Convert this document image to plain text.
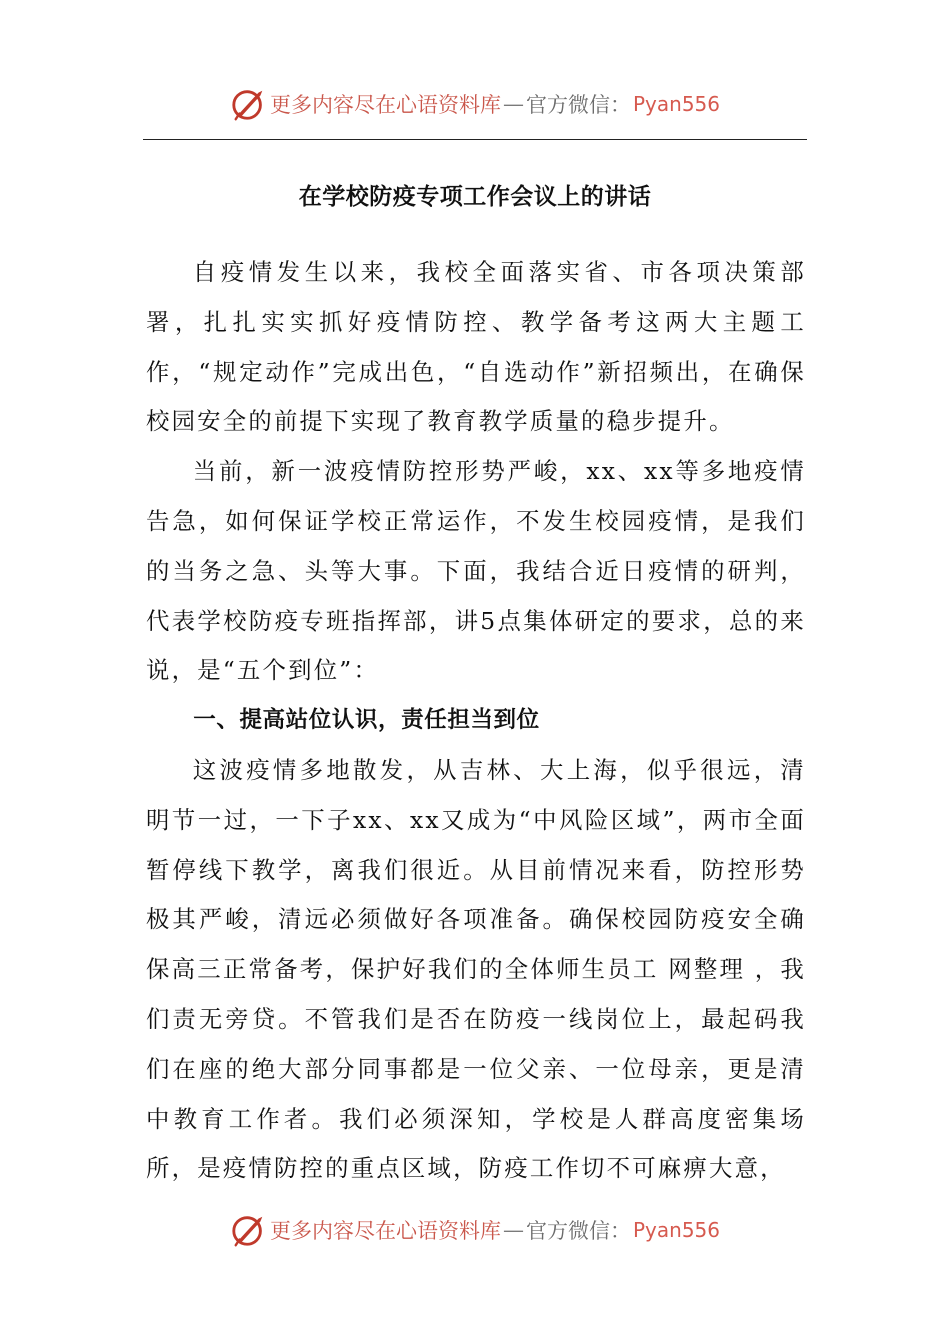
更多内容尽在心语资料库 — 官方微信： Pyan556
在学校防疫专项工作会议上的讲话

自疫情发生以来，我校全面落实省、市各项决策部署，扎扎实实抓好疫情防控、教学备考这两大主题工作，“规定动作”完成出色，“自选动作”新招频出，在确保校园安全的前提下实现了教育教学质量的稳步提升。

当前，新一波疫情防控形势严峻，xx、xx等多地疫情告急，如何保证学校正常运作，不发生校园疫情，是我们的当务之急、头等大事。下面，我结合近日疫情的研判，代表学校防疫专班指挥部，讲5点集体研定的要求，总的来说，是“五个到位”：

一、提高站位认识，责任担当到位

这波疫情多地散发，从吉林、大上海，似乎很远，清明节一过，一下子xx、xx又成为“中风险区域”，两市全面暂停线下教学，离我们很近。从目前情况来看，防控形势极其严峻，清远必须做好各项准备。确保校园防疫安全确保高三正常备考，保护好我们的全体师生员工 网整理 ，我们责无旁贷。不管我们是否在防疫一线岗位上，最起码我们在座的绝大部分同事都是一位父亲、一位母亲，更是清中教育工作者。我们必须深知，学校是人群高度密集场所，是疫情防控的重点区域，防疫工作切不可麻痹大意，

更多内容尽在心语资料库 — 官方微信： Pyan556
